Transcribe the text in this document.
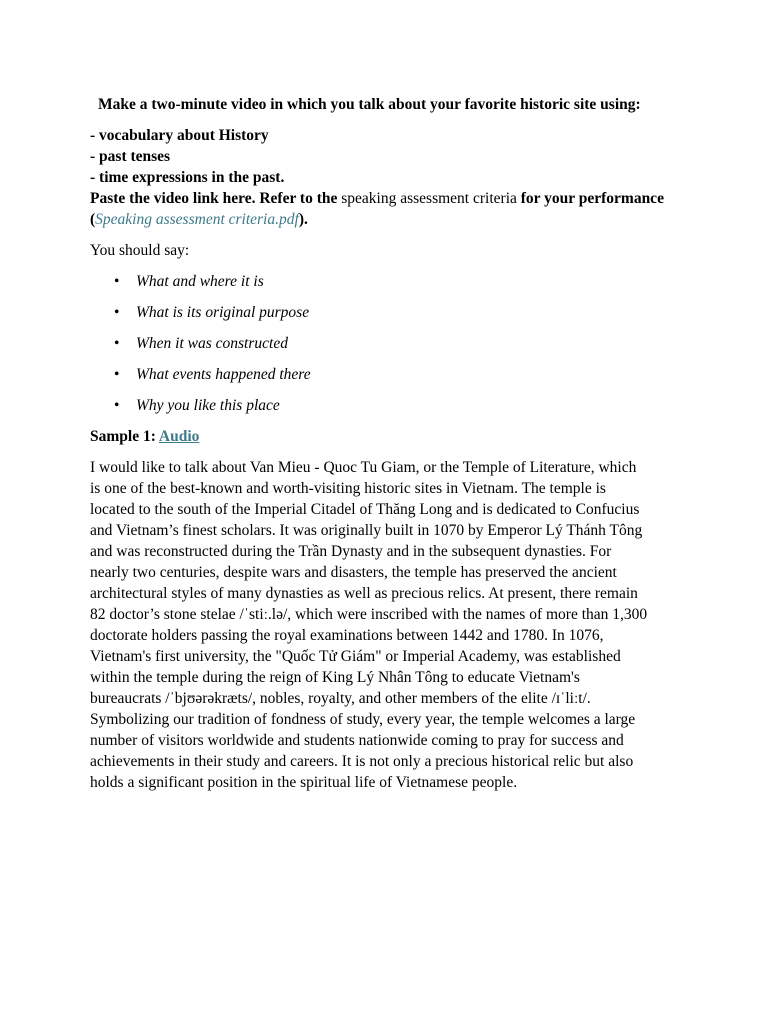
Make a two-minute video in which you talk about your favorite historic site using:
- vocabulary about History
- past tenses
- time expressions in the past.
Paste the video link here. Refer to the speaking assessment criteria for your performance (Speaking assessment criteria.pdf).
You should say:
• What and where it is
• What is its original purpose
• When it was constructed
• What events happened there
• Why you like this place
Sample 1: Audio
I would like to talk about Van Mieu - Quoc Tu Giam, or the Temple of Literature, which
is one of the best-known and worth-visiting historic sites in Vietnam. The temple is
located to the south of the Imperial Citadel of Thăng Long and is dedicated to Confucius
and Vietnam’s finest scholars. It was originally built in 1070 by Emperor Lý Thánh Tông
and was reconstructed during the Trần Dynasty and in the subsequent dynasties. For
nearly two centuries, despite wars and disasters, the temple has preserved the ancient
architectural styles of many dynasties as well as precious relics. At present, there remain
82 doctor’s stone stelae /ˈstiː.lə/, which were inscribed with the names of more than 1,300
doctorate holders passing the royal examinations between 1442 and 1780. In 1076,
Vietnam's first university, the "Quốc Tử Giám" or Imperial Academy, was established
within the temple during the reign of King Lý Nhân Tông to educate Vietnam's
bureaucrats /ˈbjʊərəkræts/, nobles, royalty, and other members of the elite /ɪˈliːt/.
Symbolizing our tradition of fondness of study, every year, the temple welcomes a large
number of visitors worldwide and students nationwide coming to pray for success and
achievements in their study and careers. It is not only a precious historical relic but also
holds a significant position in the spiritual life of Vietnamese people.
